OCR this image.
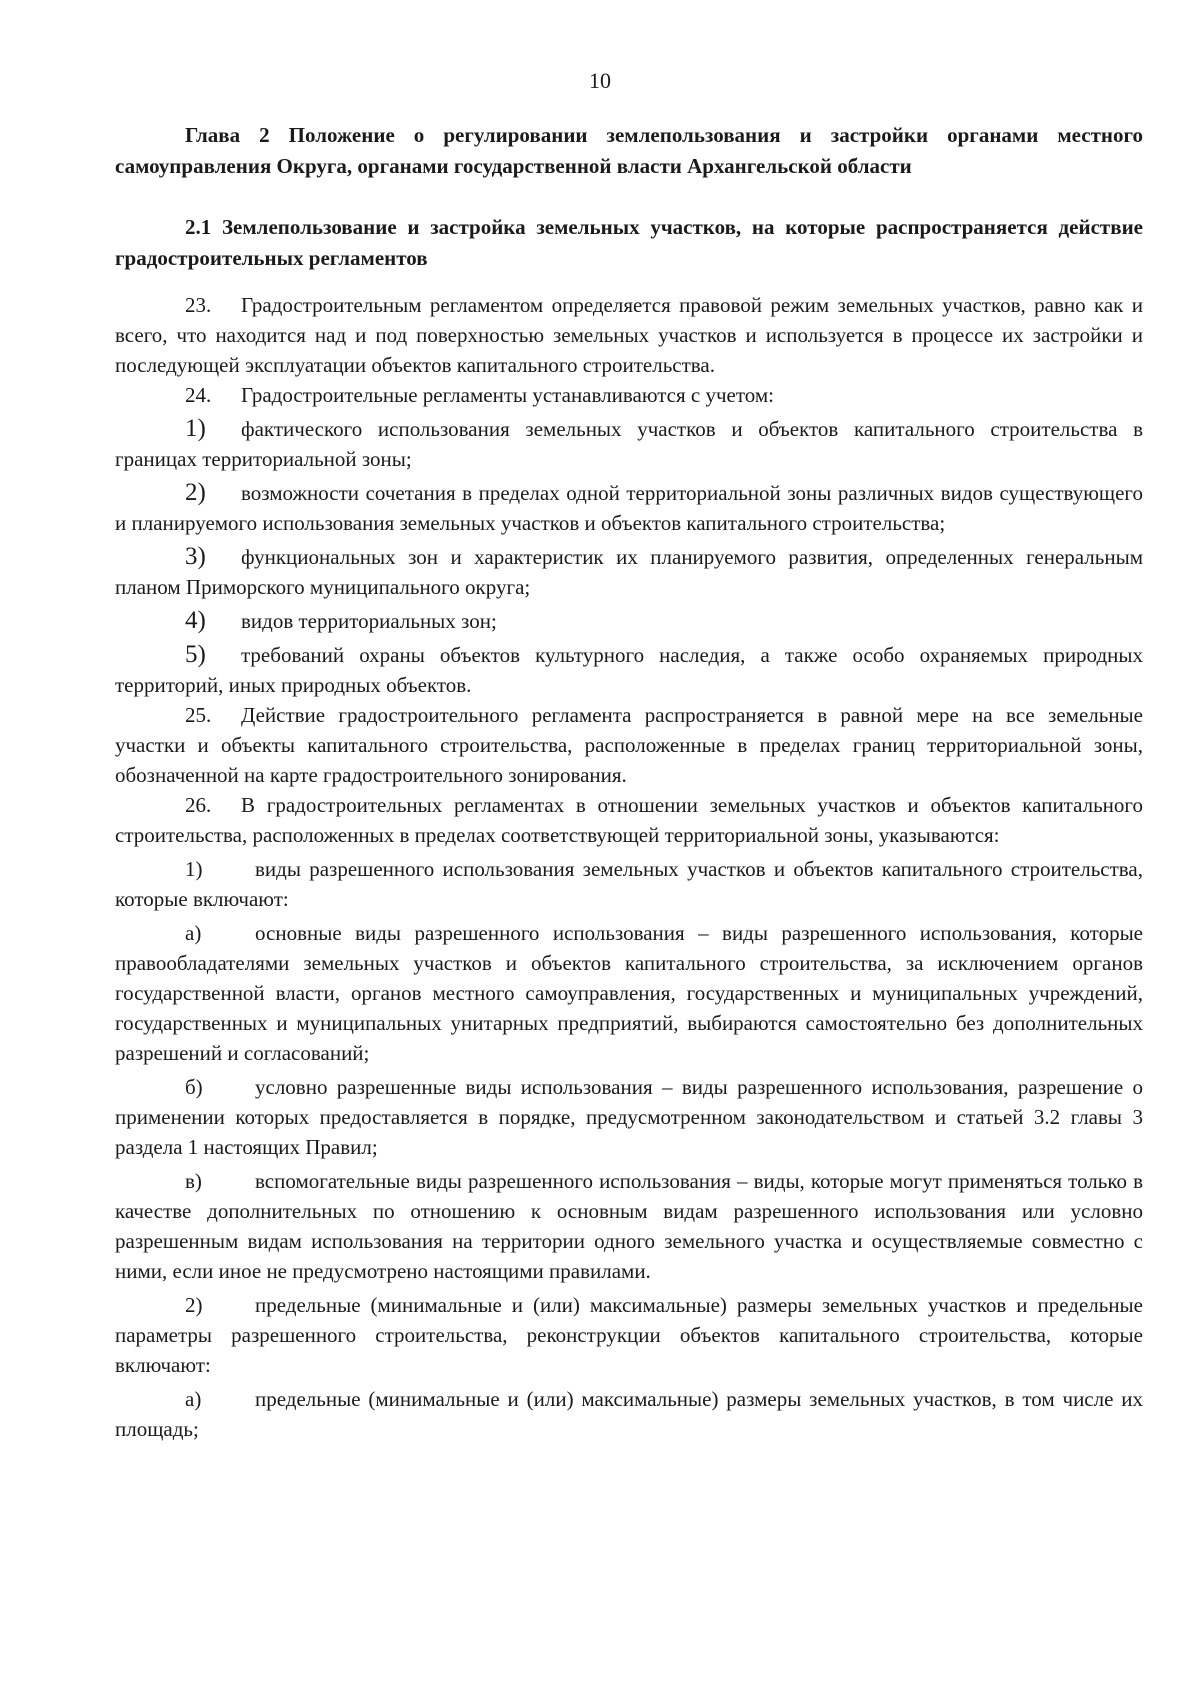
10

Глава 2 Положение о регулировании землепользования и застройки органами местного самоуправления Округа, органами государственной власти Архангельской области

2.1 Землепользование и застройка земельных участков, на которые распространяется действие градостроительных регламентов

23. Градостроительным регламентом определяется правовой режим земельных участков, равно как и всего, что находится над и под поверхностью земельных участков и используется в процессе их застройки и последующей эксплуатации объектов капитального строительства.

24. Градостроительные регламенты устанавливаются с учетом:

1) фактического использования земельных участков и объектов капитального строительства в границах территориальной зоны;

2) возможности сочетания в пределах одной территориальной зоны различных видов существующего и планируемого использования земельных участков и объектов капитального строительства;

3) функциональных зон и характеристик их планируемого развития, определенных генеральным планом Приморского муниципального округа;

4) видов территориальных зон;

5) требований охраны объектов культурного наследия, а также особо охраняемых природных территорий, иных природных объектов.

25. Действие градостроительного регламента распространяется в равной мере на все земельные участки и объекты капитального строительства, расположенные в пределах границ территориальной зоны, обозначенной на карте градостроительного зонирования.

26. В градостроительных регламентах в отношении земельных участков и объектов капитального строительства, расположенных в пределах соответствующей территориальной зоны, указываются:

1)	виды разрешенного использования земельных участков и объектов капитального строительства, которые включают:

а)	основные виды разрешенного использования – виды разрешенного использования, которые правообладателями земельных участков и объектов капитального строительства, за исключением органов государственной власти, органов местного самоуправления, государственных и муниципальных учреждений, государственных и муниципальных унитарных предприятий, выбираются самостоятельно без дополнительных разрешений и согласований;

б) условно разрешенные виды использования – виды разрешенного использования, разрешение о применении которых предоставляется в порядке, предусмотренном законодательством и статьей 3.2 главы 3 раздела 1 настоящих Правил;

в)	вспомогательные виды разрешенного использования – виды, которые могут применяться только в качестве дополнительных по отношению к основным видам разрешенного использования или условно разрешенным видам использования на территории одного земельного участка и осуществляемые совместно с ними, если иное не предусмотрено настоящими правилами.

2)	предельные (минимальные и (или) максимальные) размеры земельных участков и предельные параметры разрешенного строительства, реконструкции объектов капитального строительства, которые включают:

а)	предельные (минимальные и (или) максимальные) размеры земельных участков, в том числе их площадь;
